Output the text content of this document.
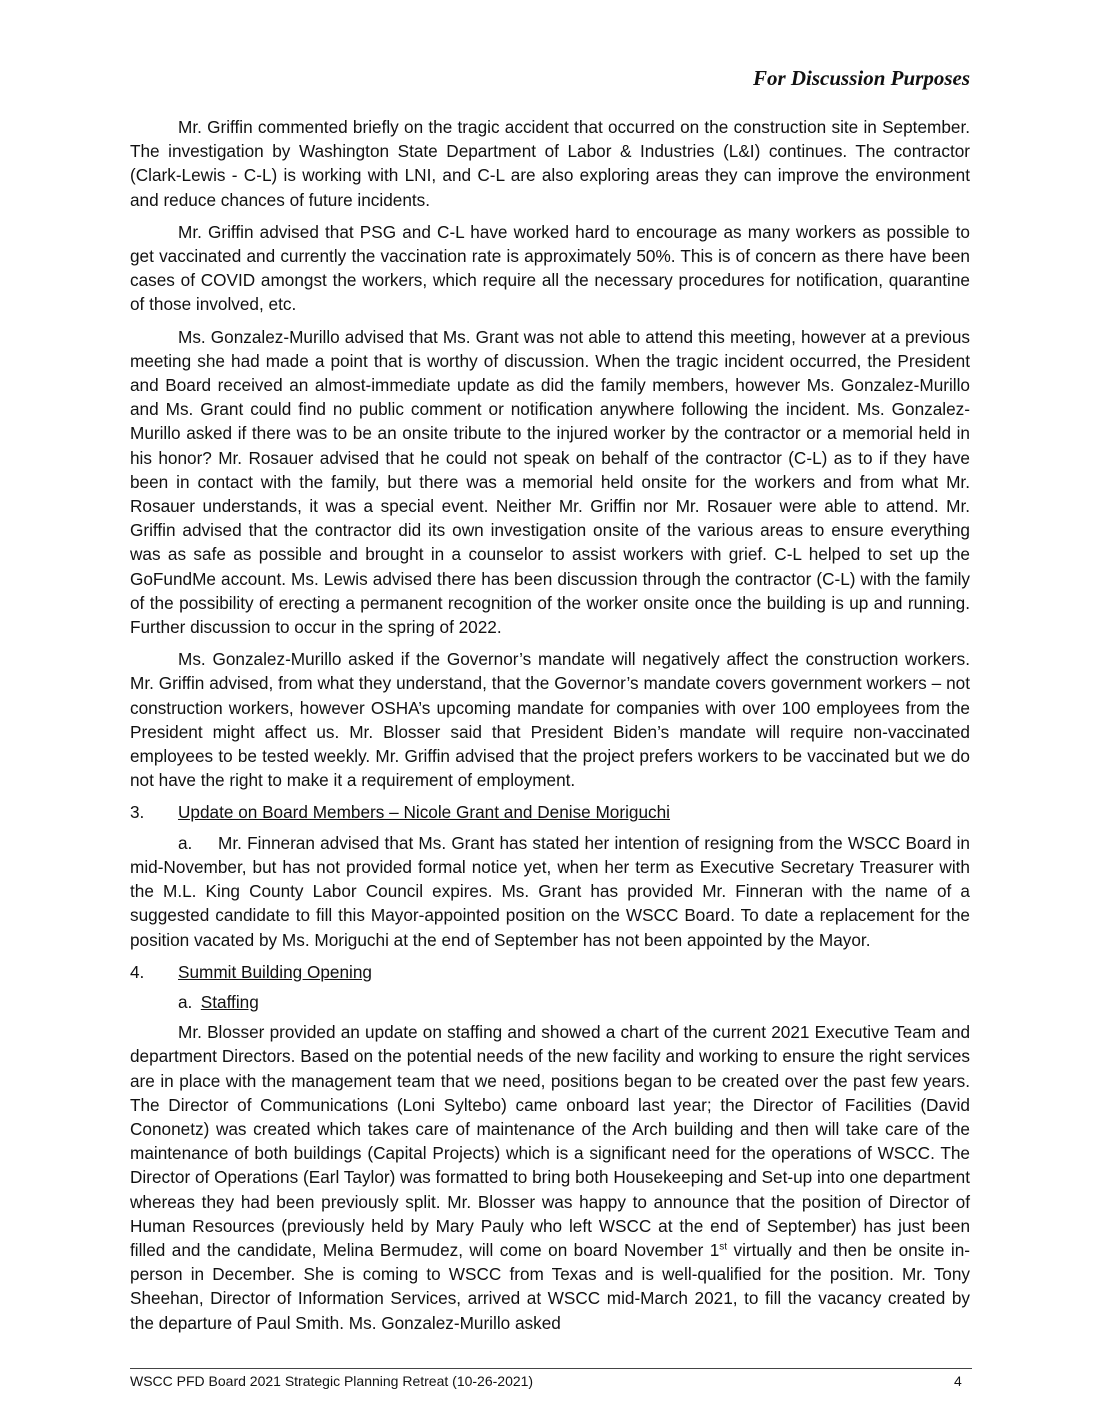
For Discussion Purposes

Mr. Griffin commented briefly on the tragic accident that occurred on the construction site in September. The investigation by Washington State Department of Labor & Industries (L&I) continues. The contractor (Clark-Lewis - C-L) is working with LNI, and C-L are also exploring areas they can improve the environment and reduce chances of future incidents.

Mr. Griffin advised that PSG and C-L have worked hard to encourage as many workers as possible to get vaccinated and currently the vaccination rate is approximately 50%. This is of concern as there have been cases of COVID amongst the workers, which require all the necessary procedures for notification, quarantine of those involved, etc.

Ms. Gonzalez-Murillo advised that Ms. Grant was not able to attend this meeting, however at a previous meeting she had made a point that is worthy of discussion. When the tragic incident occurred, the President and Board received an almost-immediate update as did the family members, however Ms. Gonzalez-Murillo and Ms. Grant could find no public comment or notification anywhere following the incident. Ms. Gonzalez-Murillo asked if there was to be an onsite tribute to the injured worker by the contractor or a memorial held in his honor? Mr. Rosauer advised that he could not speak on behalf of the contractor (C-L) as to if they have been in contact with the family, but there was a memorial held onsite for the workers and from what Mr. Rosauer understands, it was a special event. Neither Mr. Griffin nor Mr. Rosauer were able to attend. Mr. Griffin advised that the contractor did its own investigation onsite of the various areas to ensure everything was as safe as possible and brought in a counselor to assist workers with grief. C-L helped to set up the GoFundMe account. Ms. Lewis advised there has been discussion through the contractor (C-L) with the family of the possibility of erecting a permanent recognition of the worker onsite once the building is up and running. Further discussion to occur in the spring of 2022.

Ms. Gonzalez-Murillo asked if the Governor’s mandate will negatively affect the construction workers. Mr. Griffin advised, from what they understand, that the Governor’s mandate covers government workers – not construction workers, however OSHA’s upcoming mandate for companies with over 100 employees from the President might affect us. Mr. Blosser said that President Biden’s mandate will require non-vaccinated employees to be tested weekly. Mr. Griffin advised that the project prefers workers to be vaccinated but we do not have the right to make it a requirement of employment.

3. Update on Board Members – Nicole Grant and Denise Moriguchi

a. Mr. Finneran advised that Ms. Grant has stated her intention of resigning from the WSCC Board in mid-November, but has not provided formal notice yet, when her term as Executive Secretary Treasurer with the M.L. King County Labor Council expires. Ms. Grant has provided Mr. Finneran with the name of a suggested candidate to fill this Mayor-appointed position on the WSCC Board. To date a replacement for the position vacated by Ms. Moriguchi at the end of September has not been appointed by the Mayor.

4. Summit Building Opening
a. Staffing

Mr. Blosser provided an update on staffing and showed a chart of the current 2021 Executive Team and department Directors. Based on the potential needs of the new facility and working to ensure the right services are in place with the management team that we need, positions began to be created over the past few years. The Director of Communications (Loni Syltebo) came onboard last year; the Director of Facilities (David Cononetz) was created which takes care of maintenance of the Arch building and then will take care of the maintenance of both buildings (Capital Projects) which is a significant need for the operations of WSCC. The Director of Operations (Earl Taylor) was formatted to bring both Housekeeping and Set-up into one department whereas they had been previously split. Mr. Blosser was happy to announce that the position of Director of Human Resources (previously held by Mary Pauly who left WSCC at the end of September) has just been filled and the candidate, Melina Bermudez, will come on board November 1st virtually and then be onsite in-person in December. She is coming to WSCC from Texas and is well-qualified for the position. Mr. Tony Sheehan, Director of Information Services, arrived at WSCC mid-March 2021, to fill the vacancy created by the departure of Paul Smith. Ms. Gonzalez-Murillo asked

WSCC PFD Board 2021 Strategic Planning Retreat (10-26-2021)	4
